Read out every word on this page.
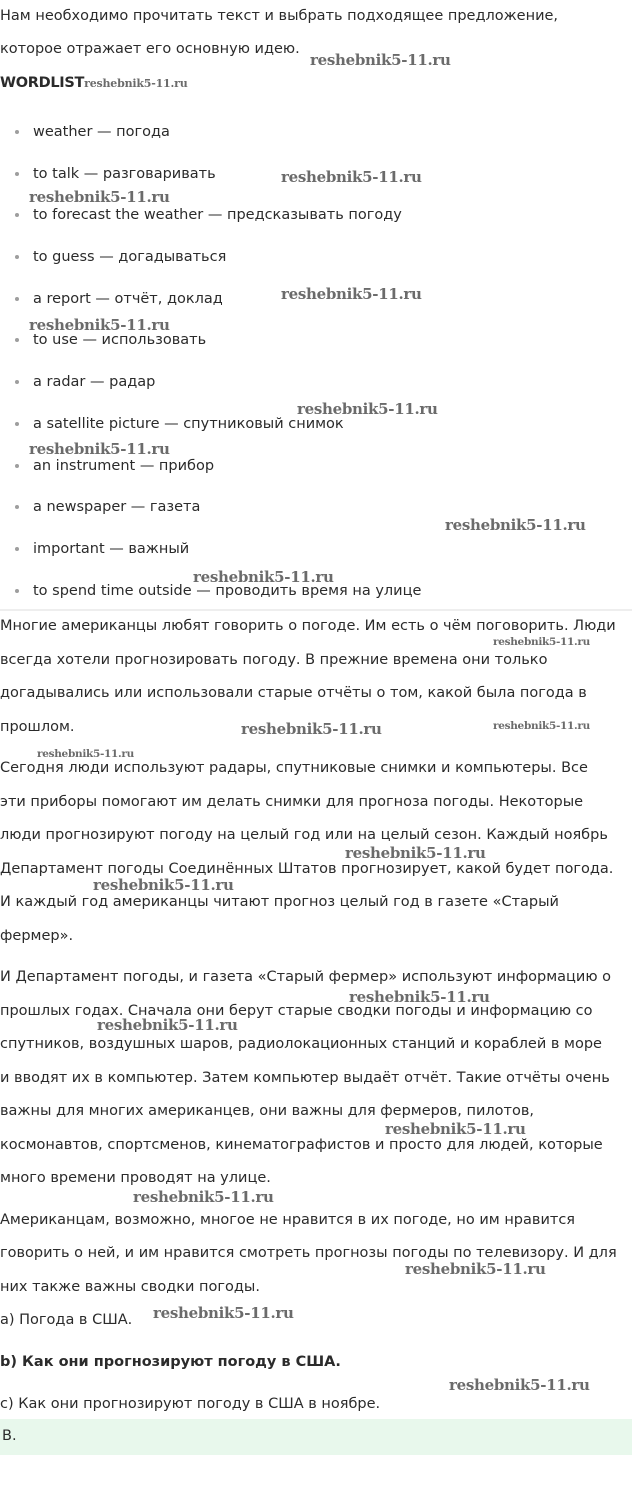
Нам необходимо прочитать текст и выбрать подходящее предложение,

которое отражает его основную идею.

WORDLISTreshebnik5-11.ru

weather — погода
to talk — разговаривать
to forecast the weather — предсказывать погоду
to guess — догадываться
a report — отчёт, доклад
to use — использовать
a radar — радар
a satellite picture — спутниковый снимок
an instrument — прибор
a newspaper — газета
important — важный
to spend time outside — проводить время на улице

Многие американцы любят говорить о погоде. Им есть о чём поговорить. Люди

всегда хотели прогнозировать погоду. В прежние времена они только

догадывались или использовали старые отчёты о том, какой была погода в

прошлом.

Сегодня люди используют радары, спутниковые снимки и компьютеры. Все

эти приборы помогают им делать снимки для прогноза погоды. Некоторые

люди прогнозируют погоду на целый год или на целый сезон. Каждый ноябрь

Департамент погоды Соединённых Штатов прогнозирует, какой будет погода.

И каждый год американцы читают прогноз целый год в газете «Старый

фермер».

И Департамент погоды, и газета «Старый фермер» используют информацию о

прошлых годах. Сначала они берут старые сводки погоды и информацию со

спутников, воздушных шаров, радиолокационных станций и кораблей в море

и вводят их в компьютер. Затем компьютер выдаёт отчёт. Такие отчёты очень

важны для многих американцев, они важны для фермеров, пилотов,

космонавтов, спортсменов, кинематографистов и просто для людей, которые

много времени проводят на улице.

Американцам, возможно, многое не нравится в их погоде, но им нравится

говорить о ней, и им нравится смотреть прогнозы погоды по телевизору. И для

них также важны сводки погоды.

a) Погода в США.

b) Как они прогнозируют погоду в США.

c) Как они прогнозируют погоду в США в ноябре.

B.
reshebnik5-11.ru
reshebnik5-11.ru
reshebnik5-11.ru
reshebnik5-11.ru
reshebnik5-11.ru
reshebnik5-11.ru
reshebnik5-11.ru
reshebnik5-11.ru
reshebnik5-11.ru
reshebnik5-11.ru
reshebnik5-11.ru	reshebnik5-11.ru
reshebnik5-11.ru
reshebnik5-11.ru
reshebnik5-11.ru
reshebnik5-11.ru
reshebnik5-11.ru
reshebnik5-11.ru
reshebnik5-11.ru
reshebnik5-11.ru
reshebnik5-11.ru
reshebnik5-11.ru
